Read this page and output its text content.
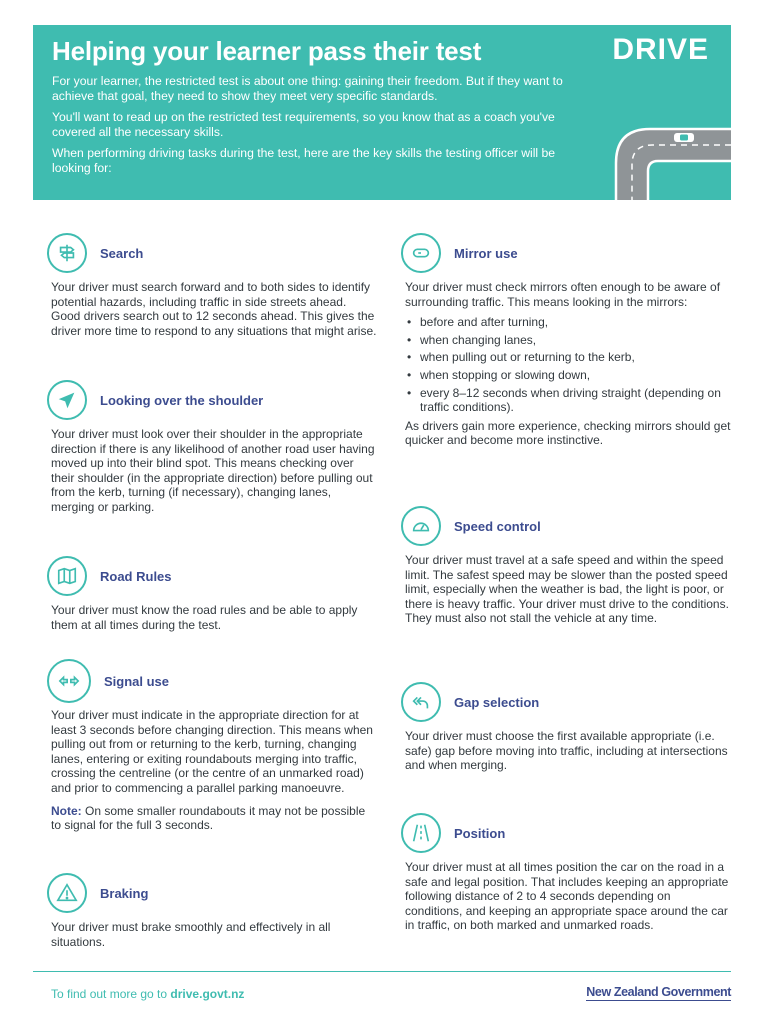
Helping your learner pass their test	DRIVE

For your learner, the restricted test is about one thing: gaining their freedom. But if they want to achieve that goal, they need to show they meet very specific standards.

You'll want to read up on the restricted test requirements, so you know that as a coach you've covered all the necessary skills.

When performing driving tasks during the test, here are the key skills the testing officer will be looking for:

Search

Your driver must search forward and to both sides to identify potential hazards, including traffic in side streets ahead. Good drivers search out to 12 seconds ahead. This gives the driver more time to respond to any situations that might arise.

Looking over the shoulder

Your driver must look over their shoulder in the appropriate direction if there is any likelihood of another road user having moved up into their blind spot. This means checking over their shoulder (in the appropriate direction) before pulling out from the kerb, turning (if necessary), changing lanes, merging or parking.

Road Rules

Your driver must know the road rules and be able to apply them at all times during the test.

Signal use

Your driver must indicate in the appropriate direction for at least 3 seconds before changing direction. This means when pulling out from or returning to the kerb, turning, changing lanes, entering or exiting roundabouts merging into traffic, crossing the centreline (or the centre of an unmarked road) and prior to commencing a parallel parking manoeuvre.

Note: On some smaller roundabouts it may not be possible to signal for the full 3 seconds.

Braking

Your driver must brake smoothly and effectively in all situations.

Mirror use

Your driver must check mirrors often enough to be aware of surrounding traffic. This means looking in the mirrors:

• before and after turning,
• when changing lanes,
• when pulling out or returning to the kerb,
• when stopping or slowing down,
• every 8–12 seconds when driving straight (depending on traffic conditions).

As drivers gain more experience, checking mirrors should get quicker and become more instinctive.

Speed control

Your driver must travel at a safe speed and within the speed limit. The safest speed may be slower than the posted speed limit, especially when the weather is bad, the light is poor, or there is heavy traffic. Your driver must drive to the conditions. They must also not stall the vehicle at any time.

Gap selection

Your driver must choose the first available appropriate (i.e. safe) gap before moving into traffic, including at intersections and when merging.

Position

Your driver must at all times position the car on the road in a safe and legal position. That includes keeping an appropriate following distance of 2 to 4 seconds depending on conditions, and keeping an appropriate space around the car in traffic, on both marked and unmarked roads.

To find out more go to drive.govt.nz	New Zealand Government
